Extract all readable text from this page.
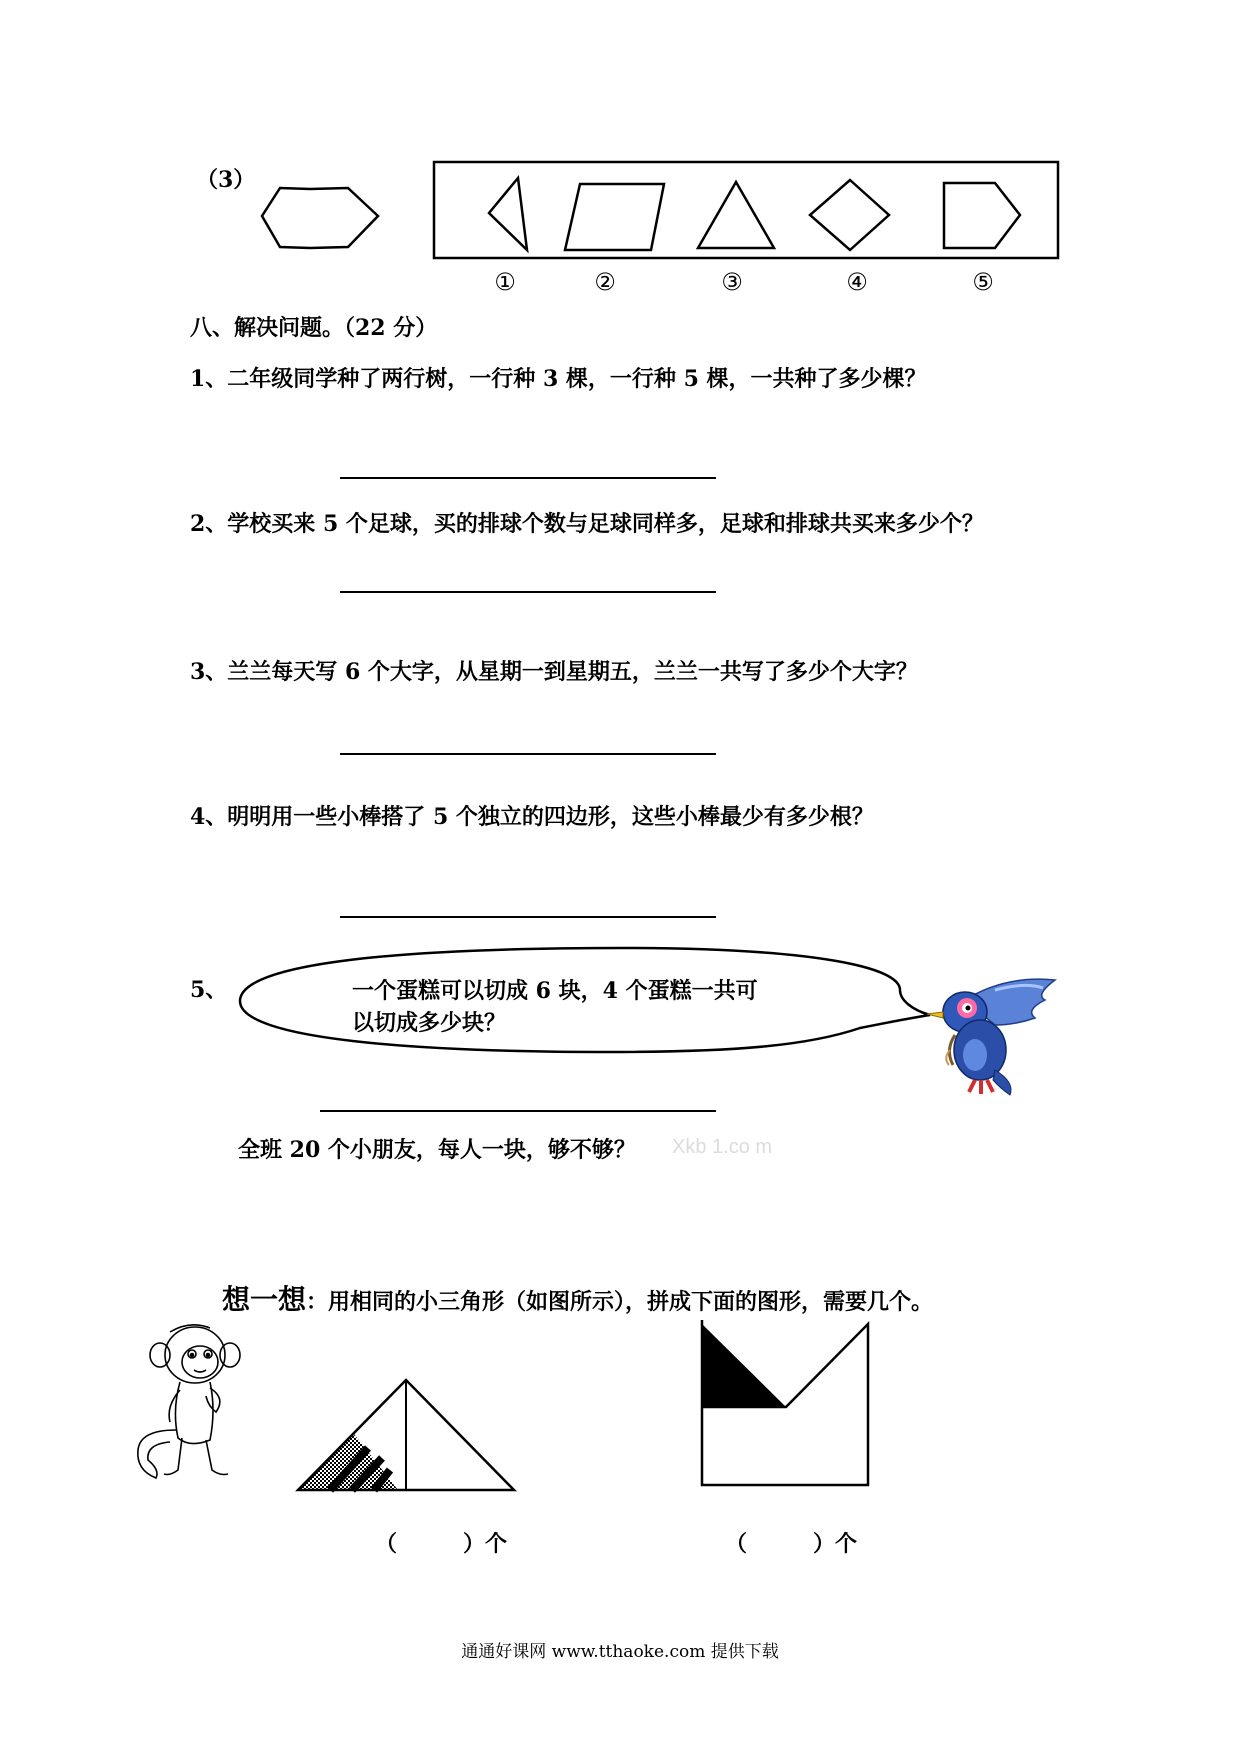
（3）

①	②	③	④	⑤
八、解决问题。（22 分）
1、二年级同学种了两行树，一行种 3 棵，一行种 5 棵，一共种了多少棵？
2、学校买来 5 个足球，买的排球个数与足球同样多，足球和排球共买来多少个？
3、兰兰每天写 6 个大字，从星期一到星期五，兰兰一共写了多少个大字？
4、明明用一些小棒搭了 5 个独立的四边形，这些小棒最少有多少根？
5、	一个蛋糕可以切成 6 块，4 个蛋糕一共可
以切成多少块？
全班 20 个小朋友，每人一块，够不够？ Xkb 1.co m
想一想：用相同的小三角形（如图所示），拼成下面的图形，需要几个。
（　　　）个	（　　　）个
通通好课网 www.tthaoke.com 提供下载
